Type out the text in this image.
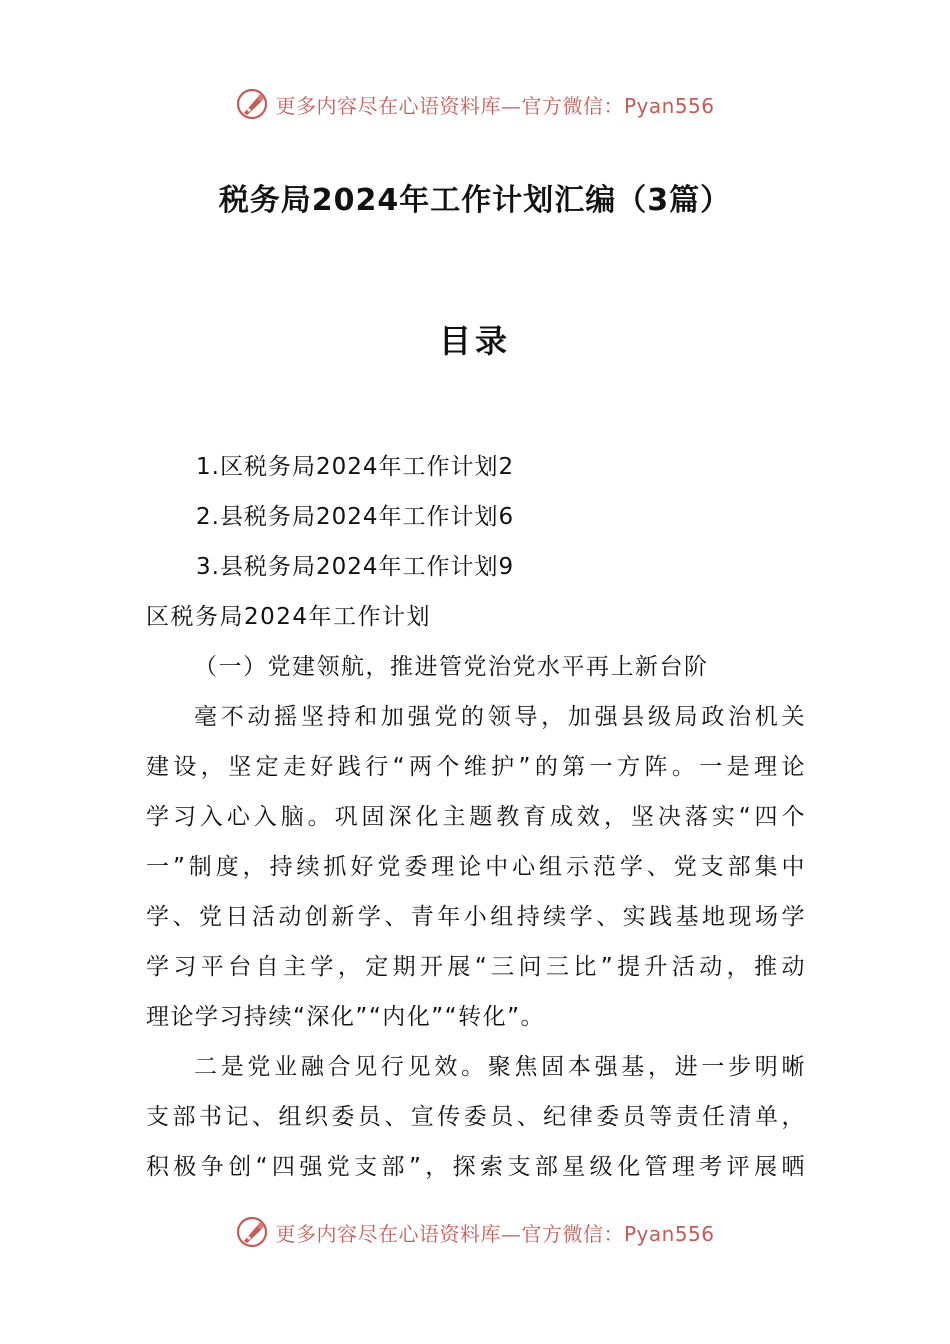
更多内容尽在心语资料库—官方微信：Pyan556
税务局2024年工作计划汇编（3篇）
目录
1.区税务局2024年工作计划2
2.县税务局2024年工作计划6
3.县税务局2024年工作计划9
区税务局2024年工作计划
（一）党建领航，推进管党治党水平再上新台阶
毫不动摇坚持和加强党的领导，加强县级局政治机关
建设，坚定走好践行“两个维护”的第一方阵。一是理论
学习入心入脑。巩固深化主题教育成效，坚决落实“四个
一”制度，持续抓好党委理论中心组示范学、党支部集中
学、党日活动创新学、青年小组持续学、实践基地现场学
学习平台自主学，定期开展“三问三比”提升活动，推动
理论学习持续“深化”“内化”“转化”。
二是党业融合见行见效。聚焦固本强基，进一步明晰
支部书记、组织委员、宣传委员、纪律委员等责任清单，
积极争创“四强党支部”，探索支部星级化管理考评展晒
更多内容尽在心语资料库—官方微信：Pyan556
